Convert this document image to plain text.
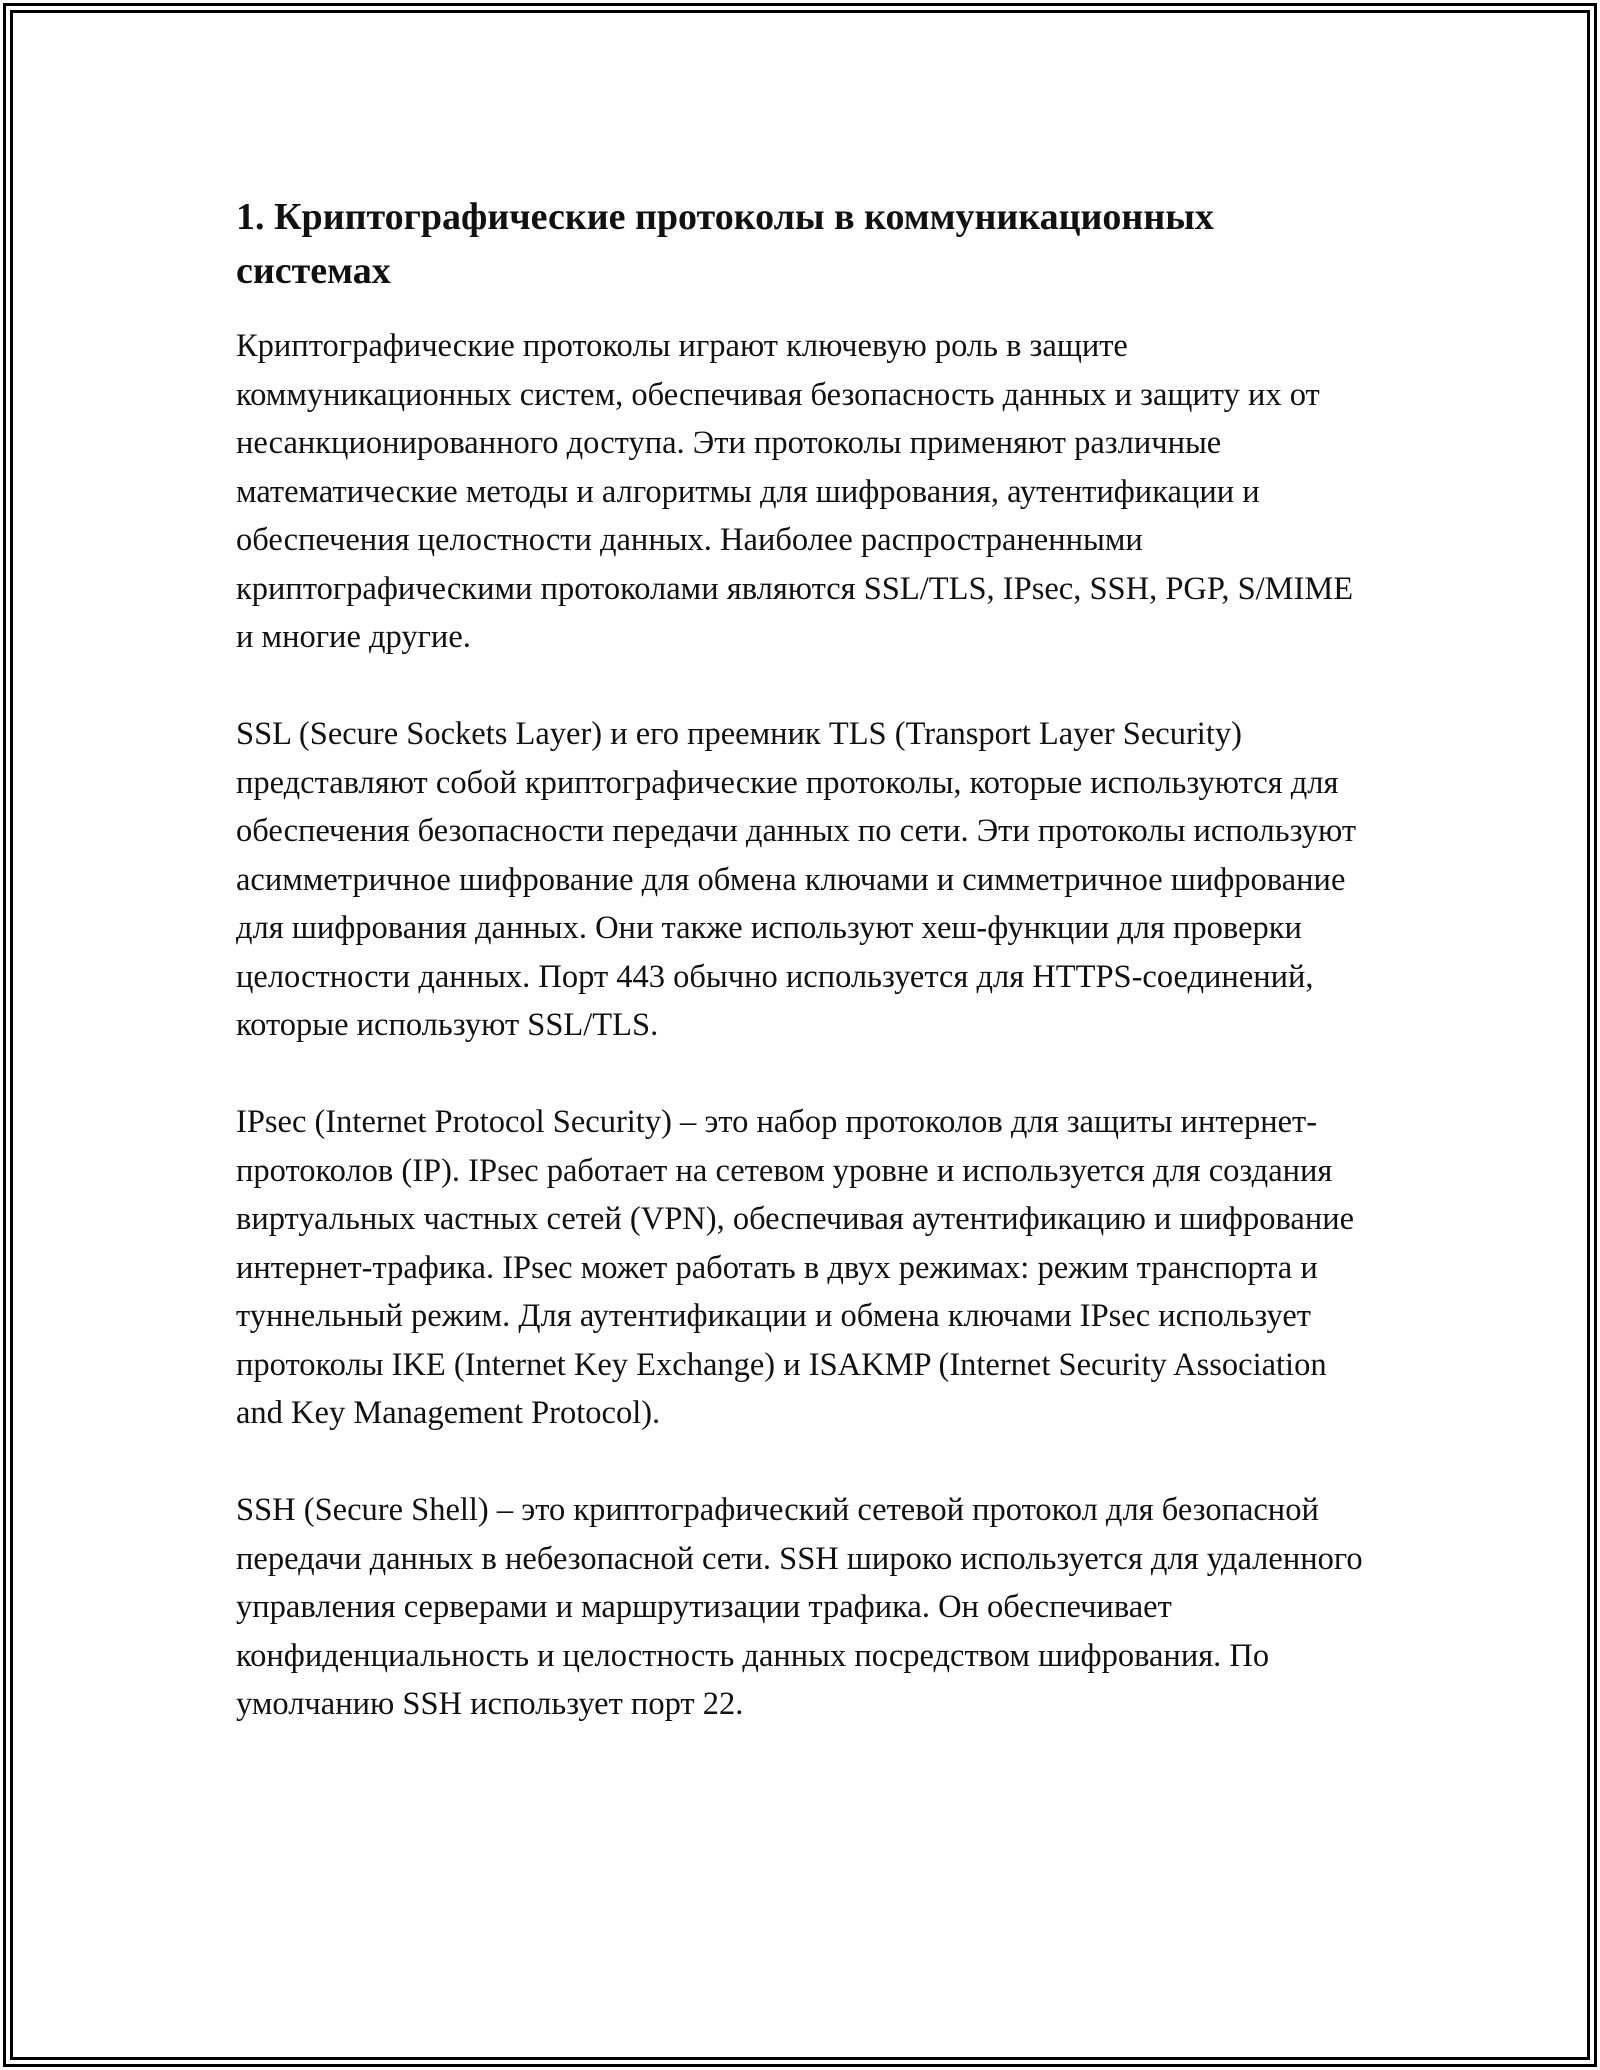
1. Криптографические протоколы в коммуникационных системах

Криптографические протоколы играют ключевую роль в защите коммуникационных систем, обеспечивая безопасность данных и защиту их от несанкционированного доступа. Эти протоколы применяют различные математические методы и алгоритмы для шифрования, аутентификации и обеспечения целостности данных. Наиболее распространенными криптографическими протоколами являются SSL/TLS, IPsec, SSH, PGP, S/MIME и многие другие.

SSL (Secure Sockets Layer) и его преемник TLS (Transport Layer Security) представляют собой криптографические протоколы, которые используются для обеспечения безопасности передачи данных по сети. Эти протоколы используют асимметричное шифрование для обмена ключами и симметричное шифрование для шифрования данных. Они также используют хеш-функции для проверки целостности данных. Порт 443 обычно используется для HTTPS-соединений, которые используют SSL/TLS.

IPsec (Internet Protocol Security) – это набор протоколов для защиты интернет-протоколов (IP). IPsec работает на сетевом уровне и используется для создания виртуальных частных сетей (VPN), обеспечивая аутентификацию и шифрование интернет-трафика. IPsec может работать в двух режимах: режим транспорта и туннельный режим. Для аутентификации и обмена ключами IPsec использует протоколы IKE (Internet Key Exchange) и ISAKMP (Internet Security Association and Key Management Protocol).

SSH (Secure Shell) – это криптографический сетевой протокол для безопасной передачи данных в небезопасной сети. SSH широко используется для удаленного управления серверами и маршрутизации трафика. Он обеспечивает конфиденциальность и целостность данных посредством шифрования. По умолчанию SSH использует порт 22.
